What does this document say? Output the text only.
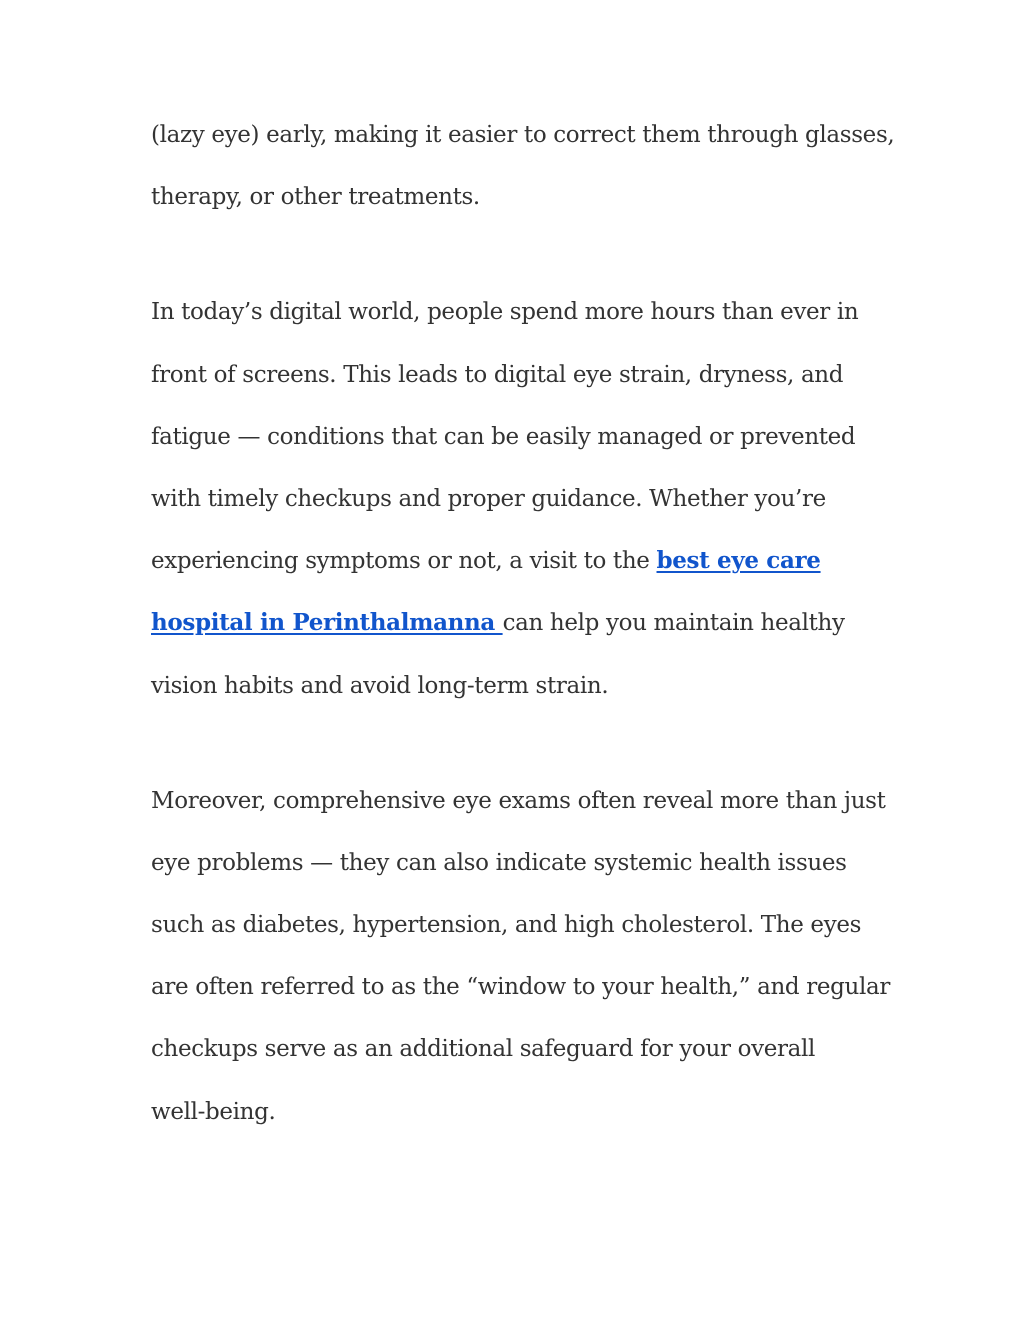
(lazy eye) early, making it easier to correct them through glasses,
therapy, or other treatments.

In today’s digital world, people spend more hours than ever in
front of screens. This leads to digital eye strain, dryness, and
fatigue — conditions that can be easily managed or prevented
with timely checkups and proper guidance. Whether you’re
experiencing symptoms or not, a visit to the best eye care
hospital in Perinthalmanna can help you maintain healthy
vision habits and avoid long-term strain.

Moreover, comprehensive eye exams often reveal more than just
eye problems — they can also indicate systemic health issues
such as diabetes, hypertension, and high cholesterol. The eyes
are often referred to as the “window to your health,” and regular
checkups serve as an additional safeguard for your overall
well-being.
